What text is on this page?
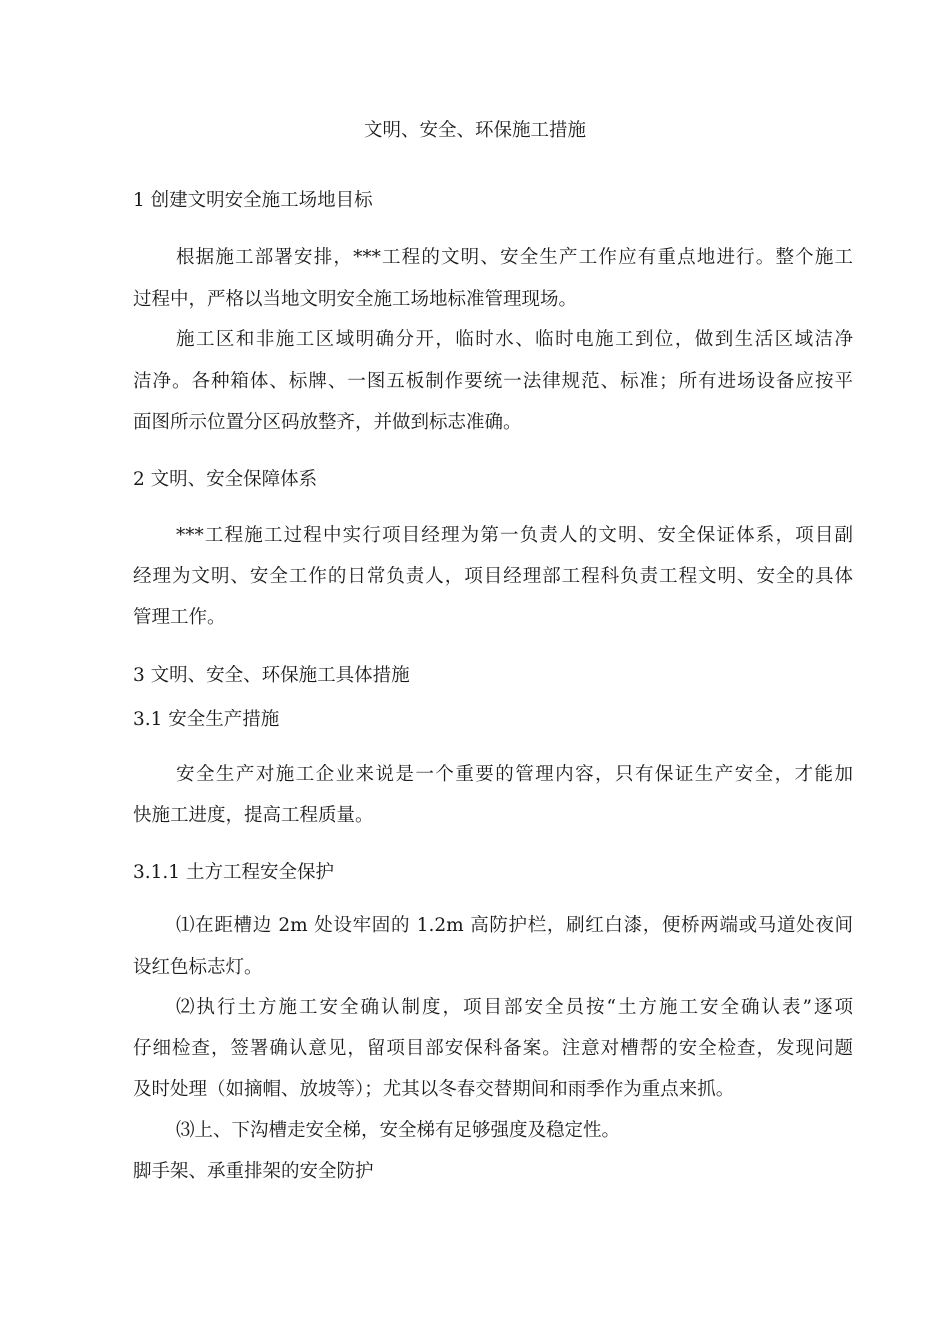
文明、安全、环保施工措施
1 创建文明安全施工场地目标
根据施工部署安排，***工程的文明、安全生产工作应有重点地进行。整个施工
过程中，严格以当地文明安全施工场地标准管理现场。
施工区和非施工区域明确分开，临时水、临时电施工到位，做到生活区域洁净
洁净。各种箱体、标牌、一图五板制作要统一法律规范、标准；所有进场设备应按平
面图所示位置分区码放整齐，并做到标志准确。
2 文明、安全保障体系
***工程施工过程中实行项目经理为第一负责人的文明、安全保证体系，项目副
经理为文明、安全工作的日常负责人，项目经理部工程科负责工程文明、安全的具体
管理工作。
3 文明、安全、环保施工具体措施
3.1 安全生产措施
安全生产对施工企业来说是一个重要的管理内容，只有保证生产安全，才能加
快施工进度，提高工程质量。
3.1.1 土方工程安全保护
⑴在距槽边 2m 处设牢固的 1.2m 高防护栏，刷红白漆，便桥两端或马道处夜间
设红色标志灯。
⑵执行土方施工安全确认制度，项目部安全员按“土方施工安全确认表”逐项
仔细检查，签署确认意见，留项目部安保科备案。注意对槽帮的安全检查，发现问题
及时处理（如摘帽、放坡等）；尤其以冬春交替期间和雨季作为重点来抓。
⑶上、下沟槽走安全梯，安全梯有足够强度及稳定性。
脚手架、承重排架的安全防护
